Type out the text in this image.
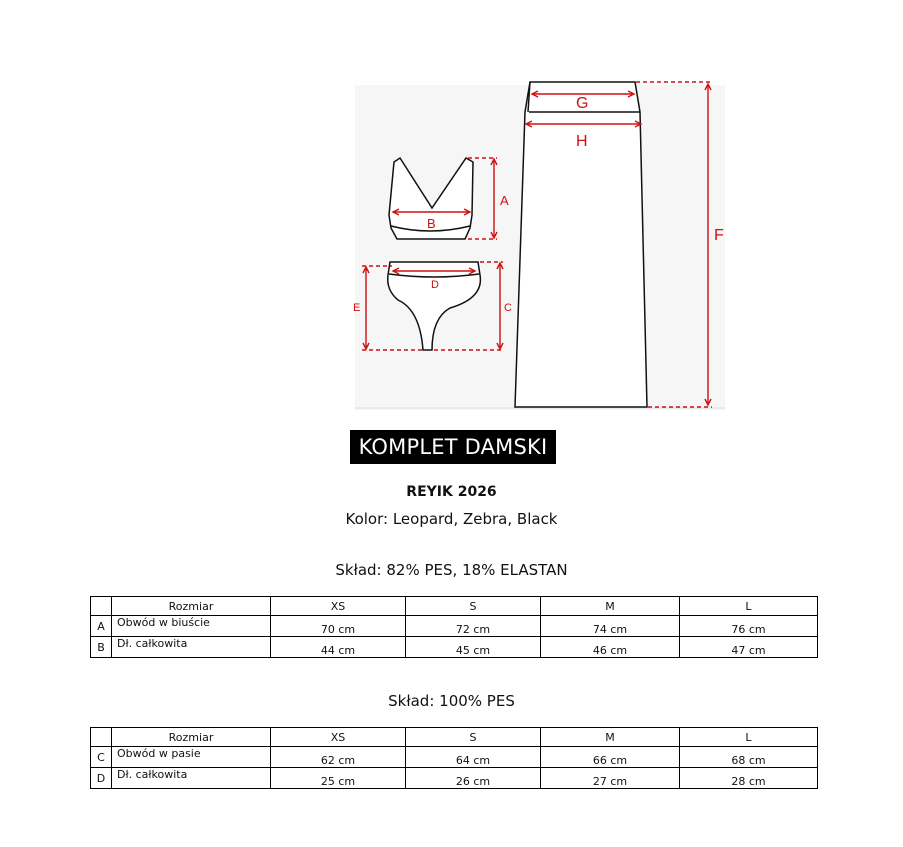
A
B
C
D
E
F
G
H
KOMPLET DAMSKI
REYIK 2026
Kolor: Leopard, Zebra, Black
Skład: 82% PES, 18% ELASTAN
	Rozmiar	XS	S	M	L
A	Obwód w biuście	70 cm	72 cm	74 cm	76 cm
B	Dł. całkowita	44 cm	45 cm	46 cm	47 cm
Skład: 100% PES
	Rozmiar	XS	S	M	L
C	Obwód w pasie	62 cm	64 cm	66 cm	68 cm
D	Dł. całkowita	25 cm	26 cm	27 cm	28 cm
